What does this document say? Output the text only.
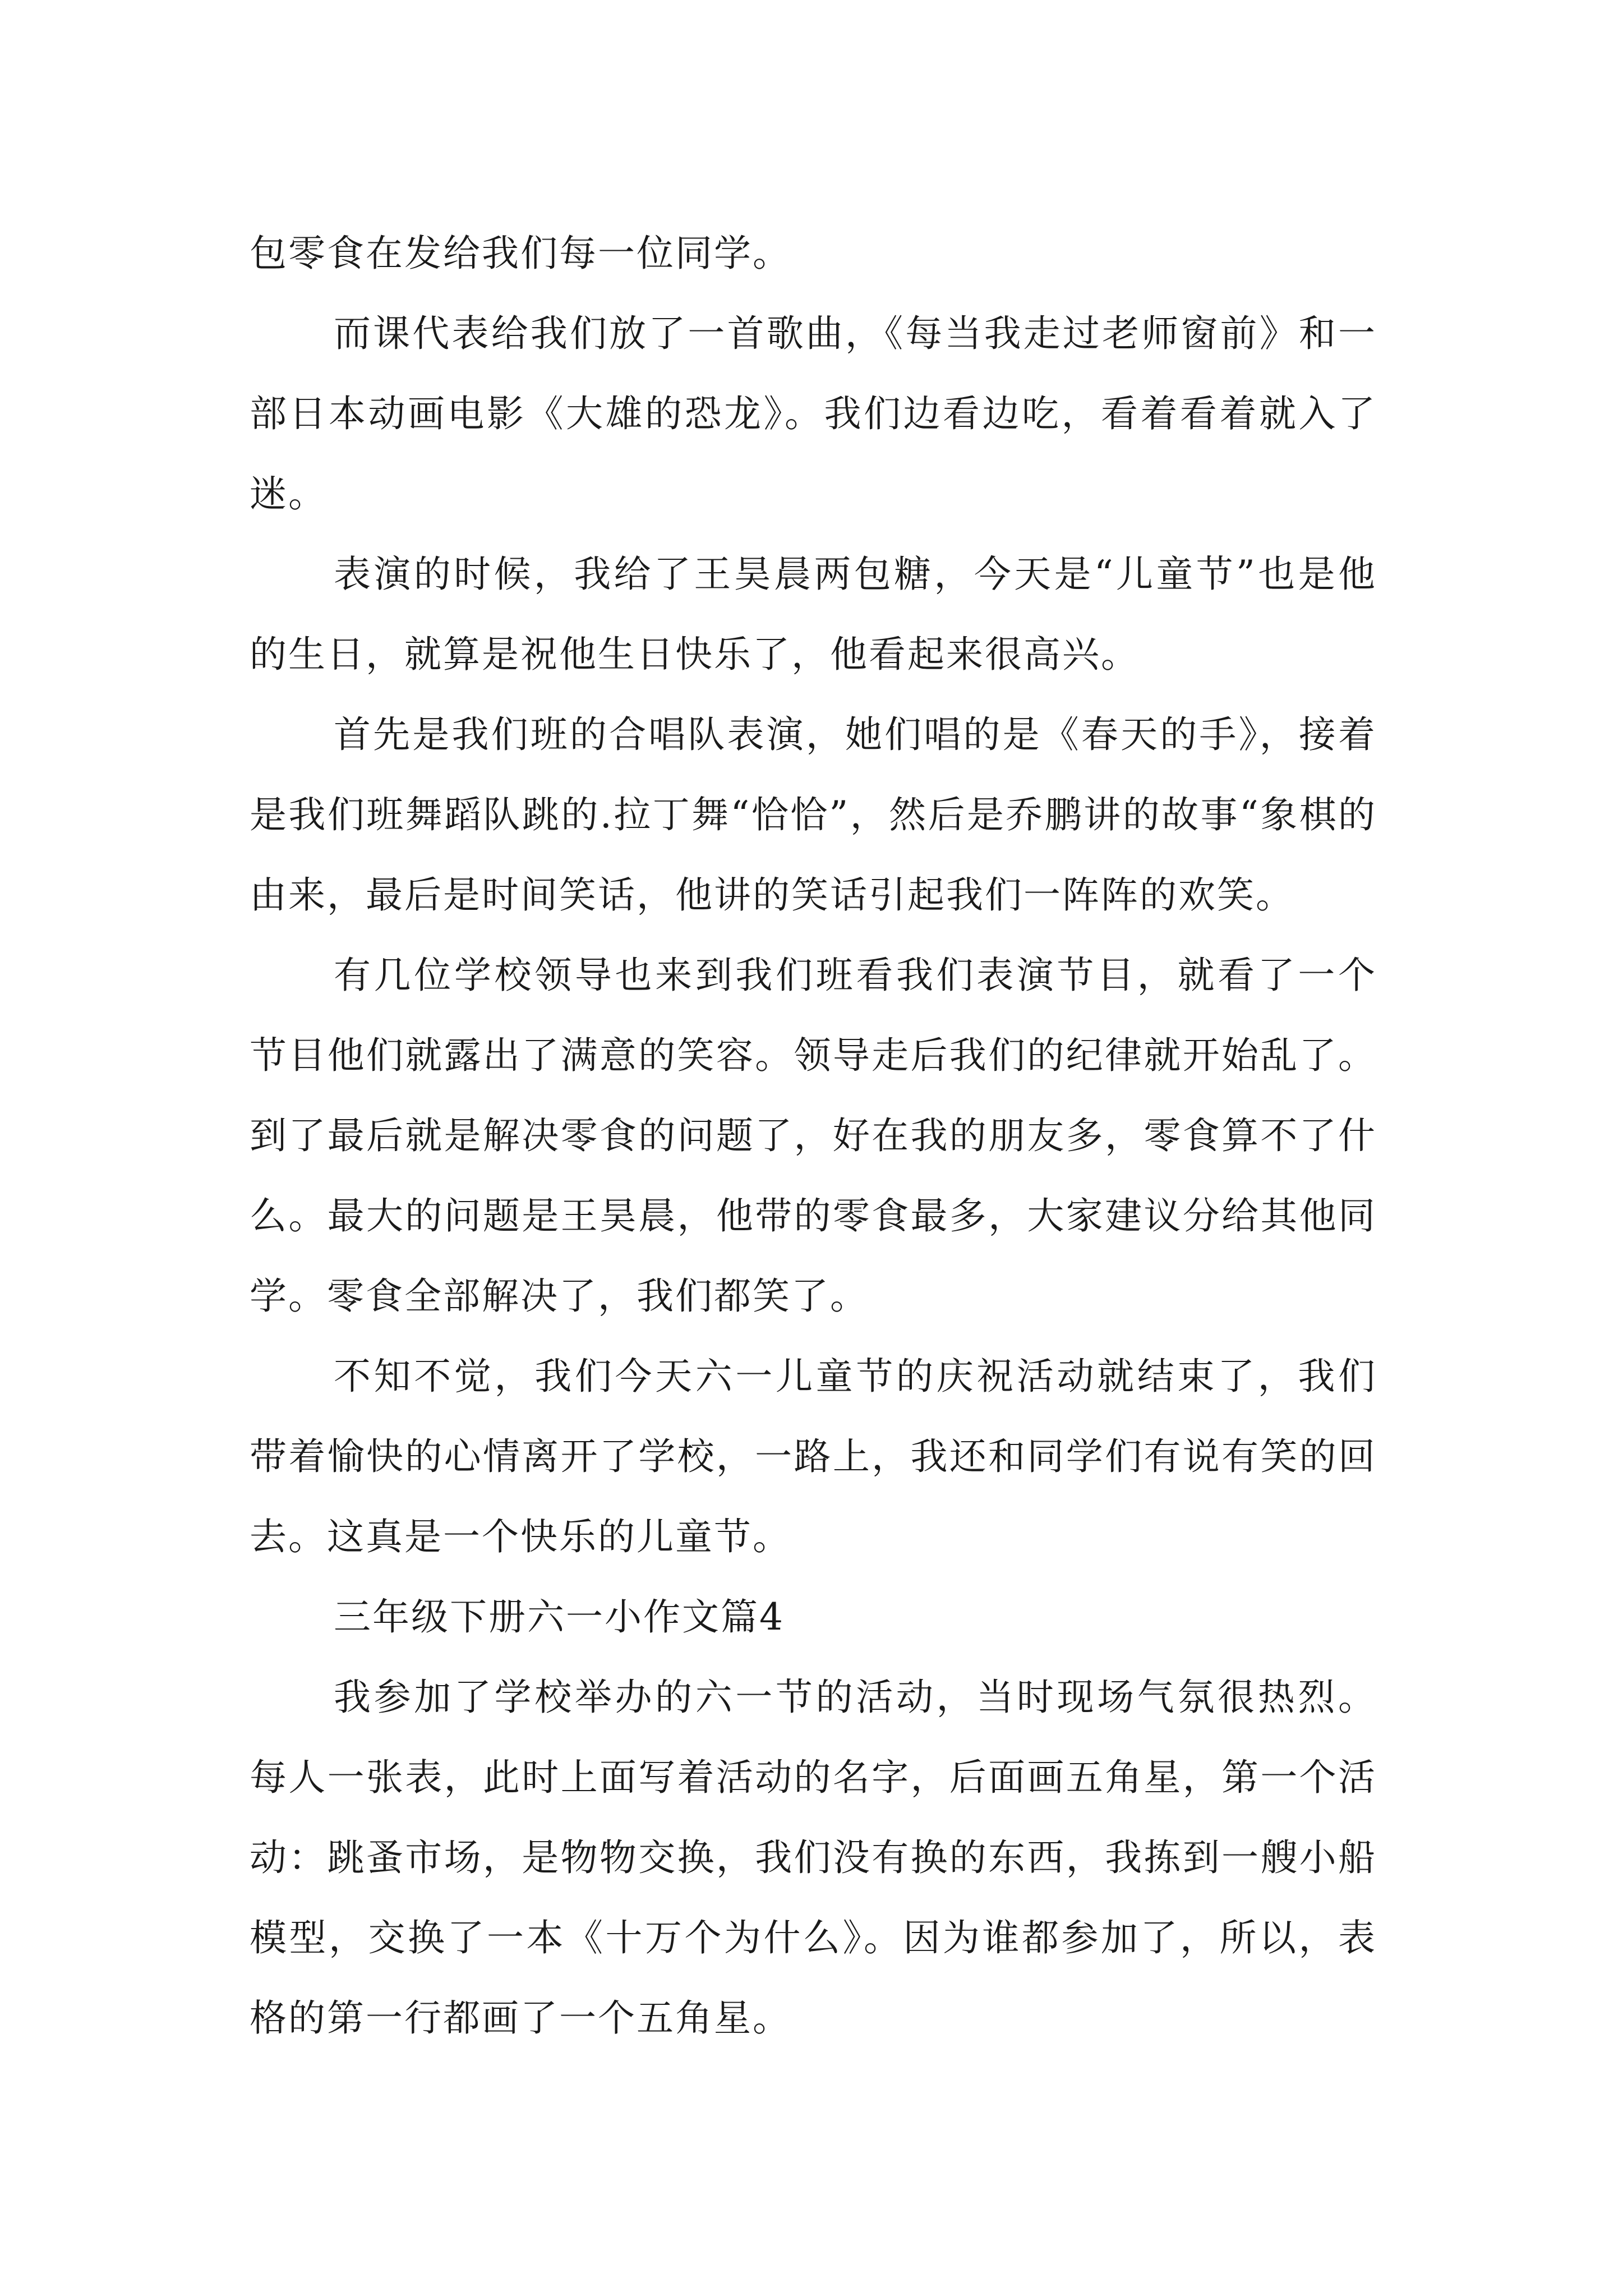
包零食在发给我们每一位同学。

而课代表给我们放了一首歌曲，《每当我走过老师窗前》和一部日本动画电影《大雄的恐龙》。我们边看边吃，看着看着就入了迷。

表演的时候，我给了王昊晨两包糖，今天是“儿童节”也是他的生日，就算是祝他生日快乐了，他看起来很高兴。

首先是我们班的合唱队表演，她们唱的是《春天的手》，接着是我们班舞蹈队跳的.拉丁舞“恰恰”，然后是乔鹏讲的故事“象棋的由来，最后是时间笑话，他讲的笑话引起我们一阵阵的欢笑。

有几位学校领导也来到我们班看我们表演节目，就看了一个节目他们就露出了满意的笑容。领导走后我们的纪律就开始乱了。到了最后就是解决零食的问题了，好在我的朋友多，零食算不了什么。最大的问题是王昊晨，他带的零食最多，大家建议分给其他同学。零食全部解决了，我们都笑了。

不知不觉，我们今天六一儿童节的庆祝活动就结束了，我们带着愉快的心情离开了学校，一路上，我还和同学们有说有笑的回去。这真是一个快乐的儿童节。

三年级下册六一小作文篇4

我参加了学校举办的六一节的活动，当时现场气氛很热烈。每人一张表，此时上面写着活动的名字，后面画五角星，第一个活动：跳蚤市场，是物物交换，我们没有换的东西，我拣到一艘小船模型，交换了一本《十万个为什么》。因为谁都参加了，所以，表格的第一行都画了一个五角星。
